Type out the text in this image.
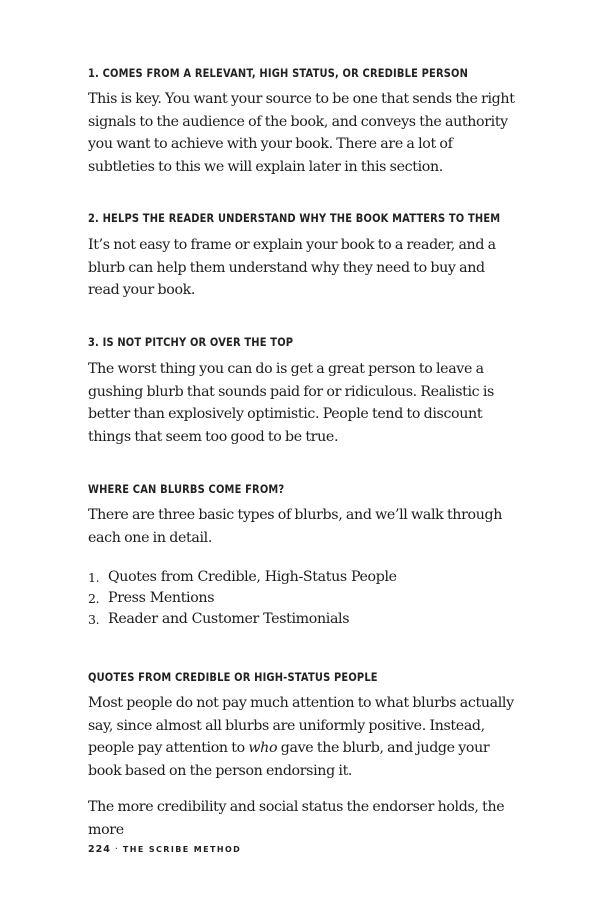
1. COMES FROM A RELEVANT, HIGH STATUS, OR CREDIBLE PERSON

This is key. You want your source to be one that sends the right signals to the audience of the book, and conveys the authority you want to achieve with your book. There are a lot of subtleties to this we will explain later in this section.

2. HELPS THE READER UNDERSTAND WHY THE BOOK MATTERS TO THEM

It’s not easy to frame or explain your book to a reader, and a blurb can help them understand why they need to buy and read your book.

3. IS NOT PITCHY OR OVER THE TOP

The worst thing you can do is get a great person to leave a gushing blurb that sounds paid for or ridiculous. Realistic is better than explosively optimistic. People tend to discount things that seem too good to be true.

WHERE CAN BLURBS COME FROM?

There are three basic types of blurbs, and we’ll walk through each one in detail.

1. Quotes from Credible, High-Status People
2. Press Mentions
3. Reader and Customer Testimonials
QUOTES FROM CREDIBLE OR HIGH-STATUS PEOPLE

Most people do not pay much attention to what blurbs actually say, since almost all blurbs are uniformly positive. Instead, people pay attention to who gave the blurb, and judge your book based on the person endorsing it.

The more credibility and social status the endorser holds, the more

224 · THE SCRIBE METHOD
